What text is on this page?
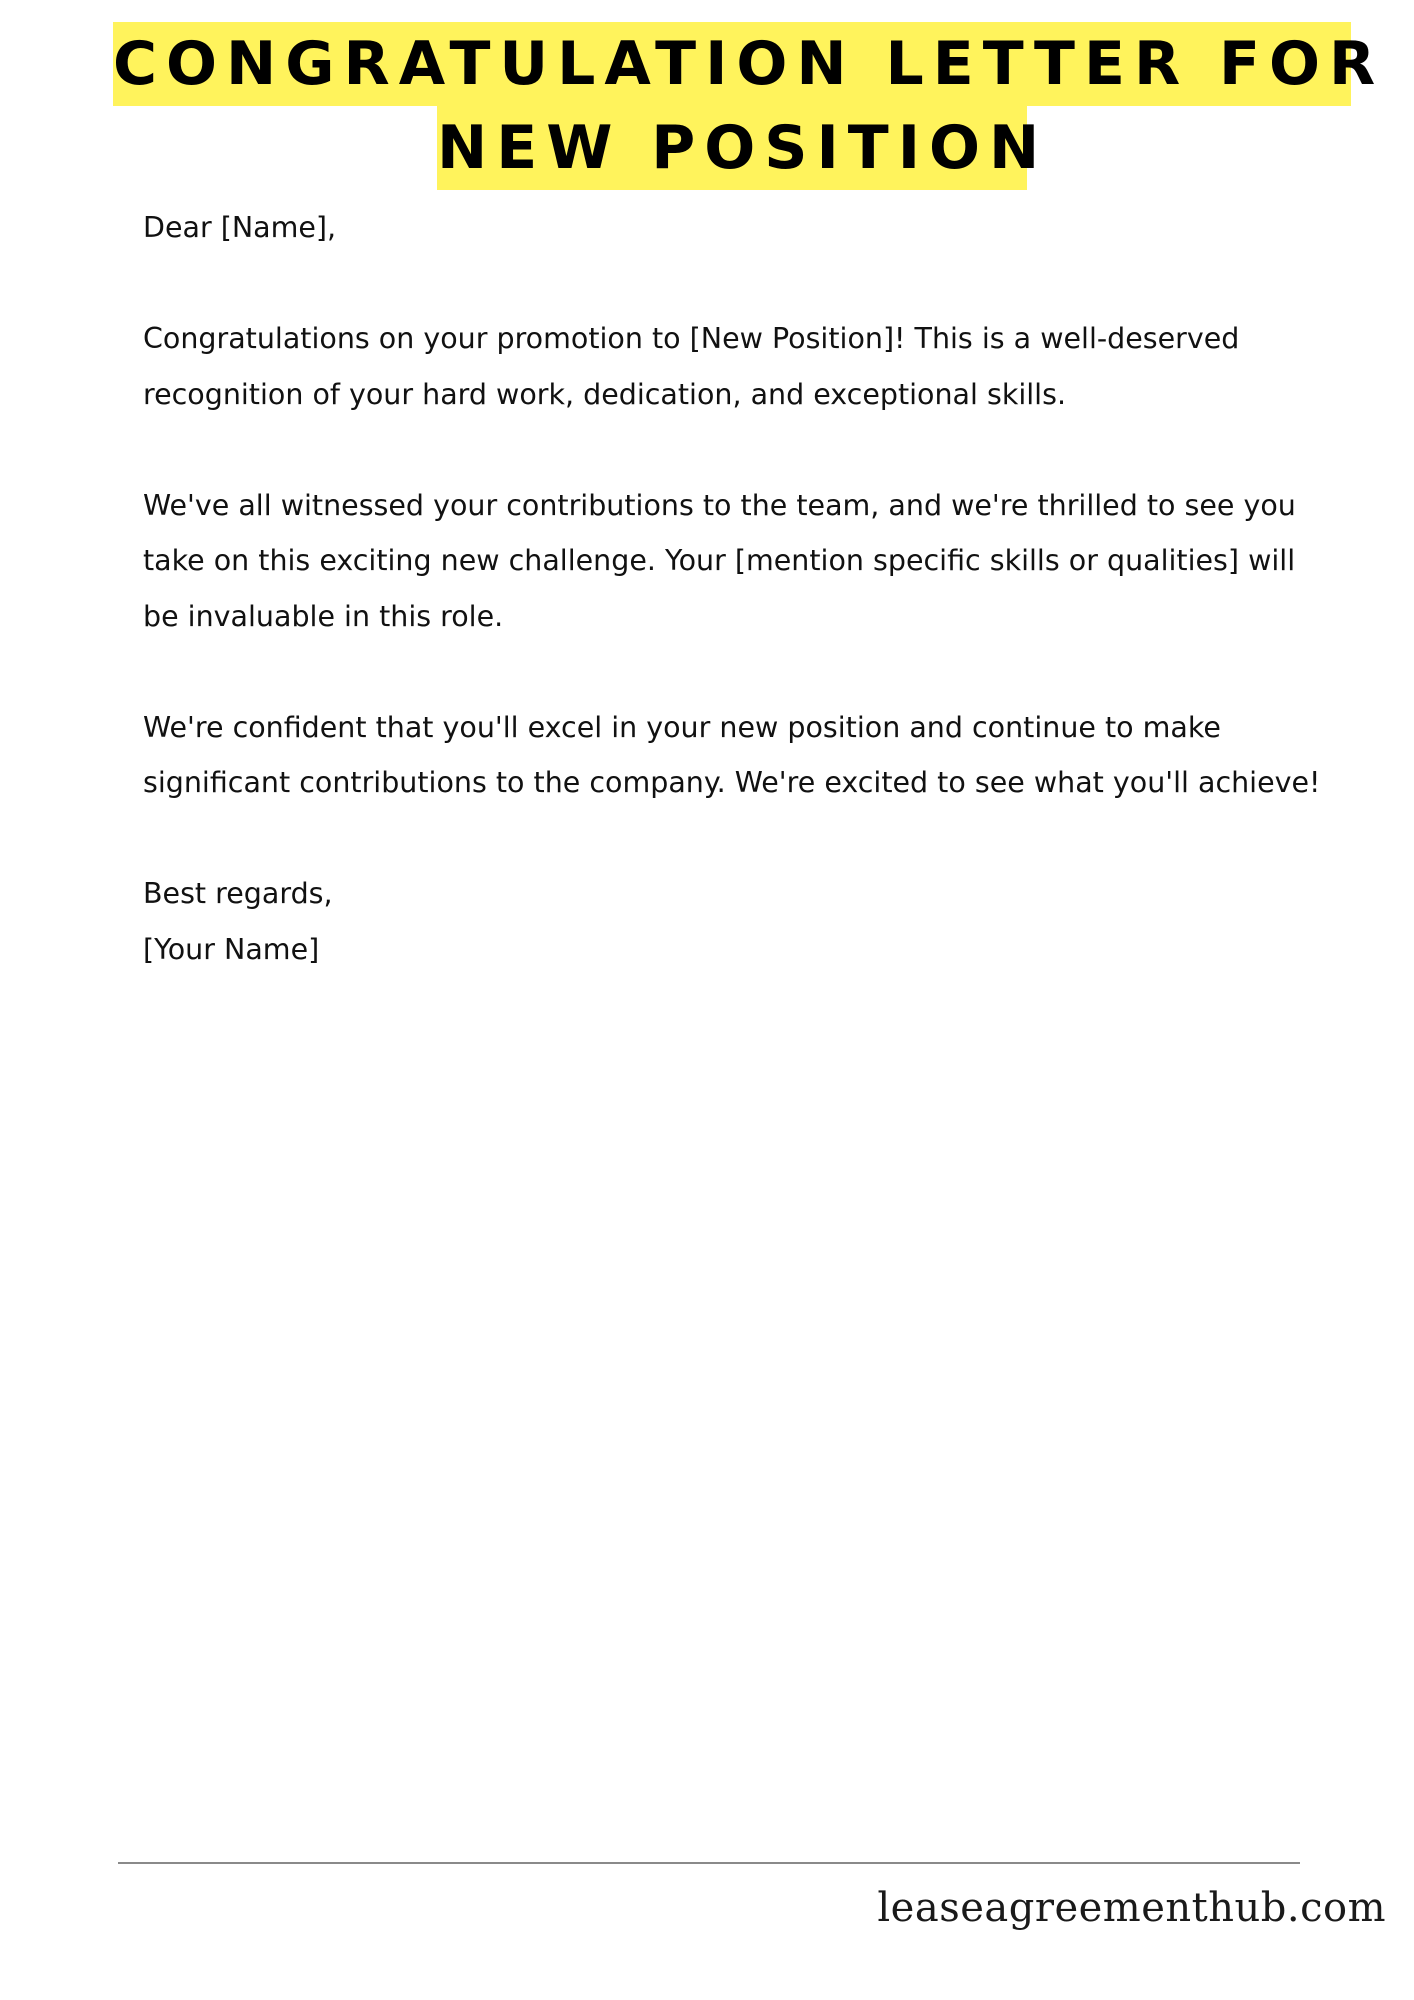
CONGRATULATION LETTER FOR
NEW POSITION

Dear [Name],

Congratulations on your promotion to [New Position]! This is a well-deserved recognition of your hard work, dedication, and exceptional skills.

We've all witnessed your contributions to the team, and we're thrilled to see you take on this exciting new challenge. Your [mention specific skills or qualities] will be invaluable in this role.

We're confident that you'll excel in your new position and continue to make significant contributions to the company. We're excited to see what you'll achieve!

Best regards,

[Your Name]

leaseagreementhub.com
